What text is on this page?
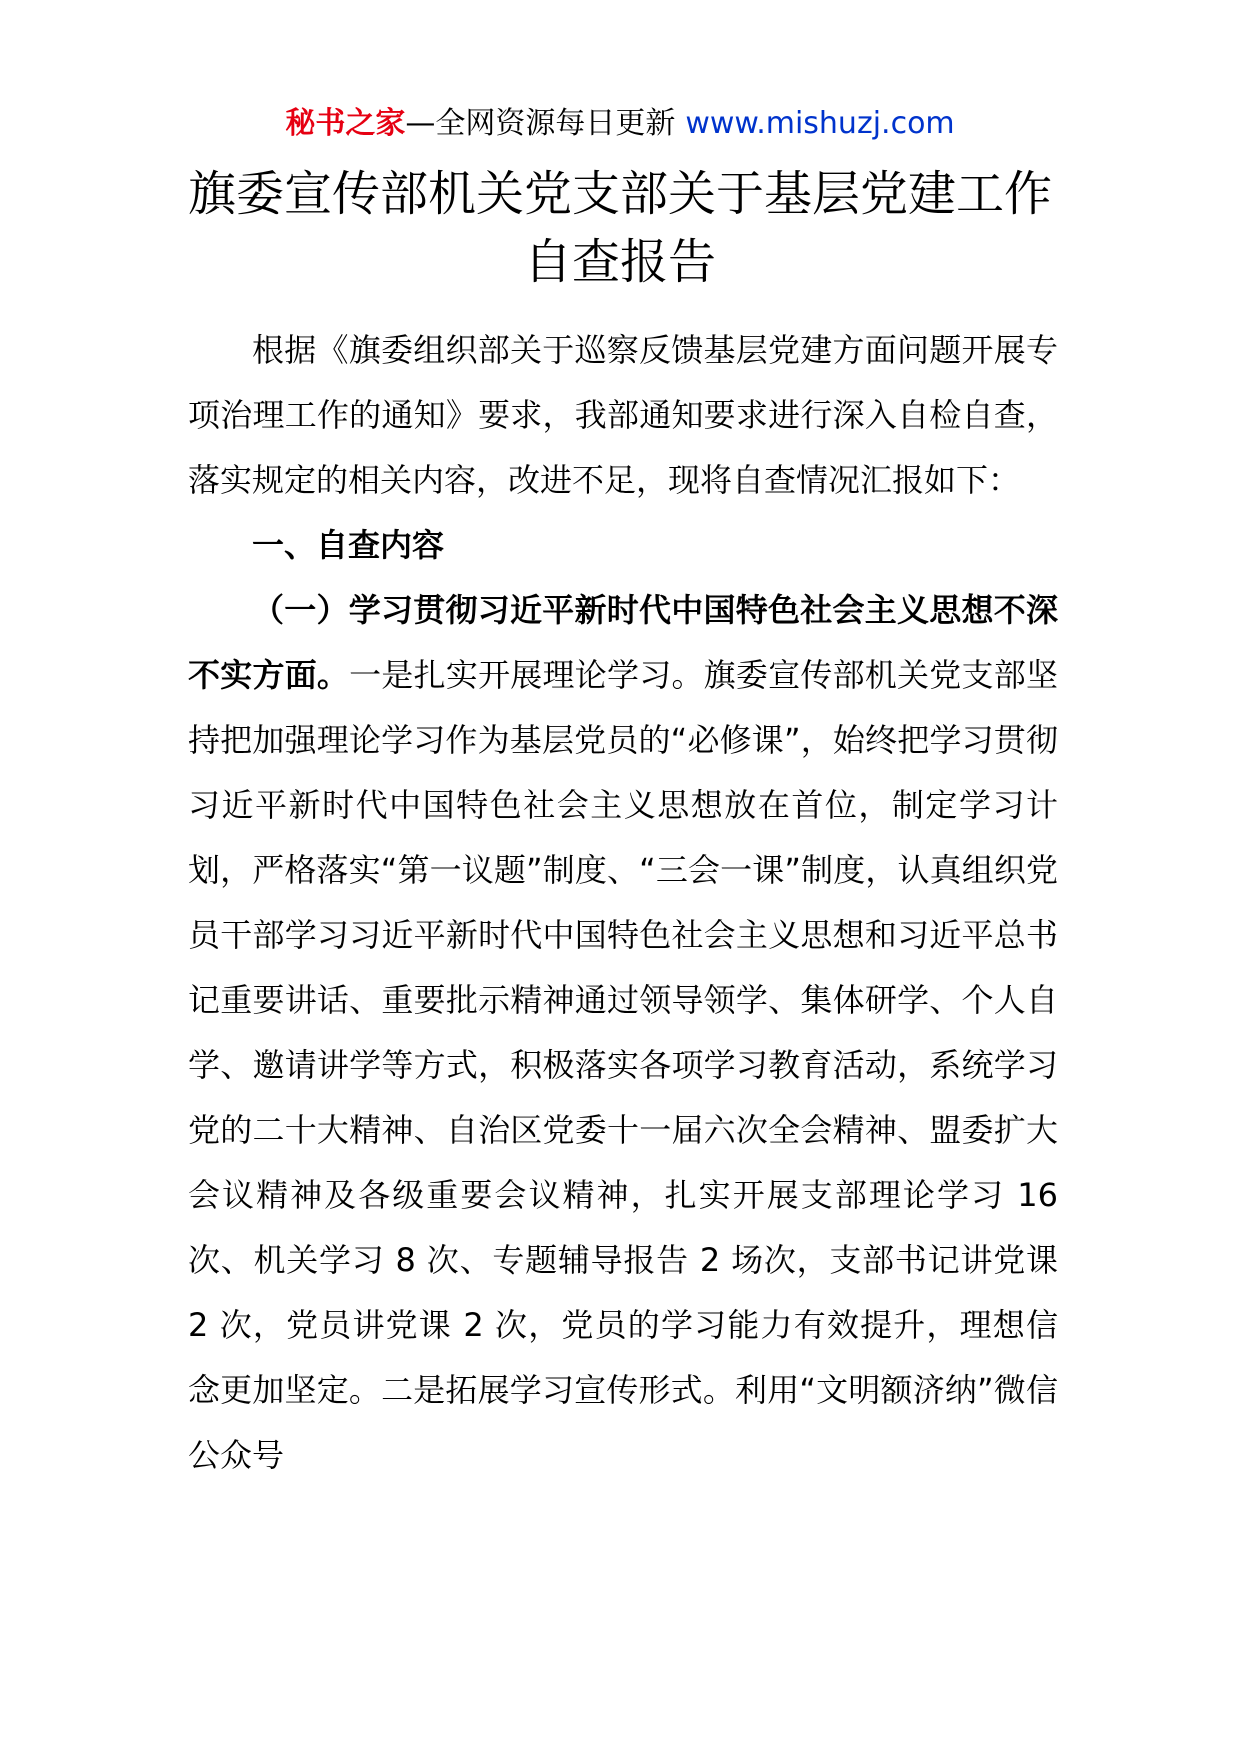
秘书之家—全网资源每日更新 www.mishuzj.com
旗委宣传部机关党支部关于基层党建工作
自查报告

根据《旗委组织部关于巡察反馈基层党建方面问题开展专项治理工作的通知》要求，我部通知要求进行深入自检自查，落实规定的相关内容，改进不足，现将自查情况汇报如下：

一、自查内容

（一）学习贯彻习近平新时代中国特色社会主义思想不深不实方面。一是扎实开展理论学习。旗委宣传部机关党支部坚持把加强理论学习作为基层党员的“必修课”，始终把学习贯彻习近平新时代中国特色社会主义思想放在首位，制定学习计划，严格落实“第一议题”制度、“三会一课”制度，认真组织党员干部学习习近平新时代中国特色社会主义思想和习近平总书记重要讲话、重要批示精神通过领导领学、集体研学、个人自学、邀请讲学等方式，积极落实各项学习教育活动，系统学习党的二十大精神、自治区党委十一届六次全会精神、盟委扩大会议精神及各级重要会议精神，扎实开展支部理论学习 16 次、机关学习 8 次、专题辅导报告 2 场次，支部书记讲党课 2 次，党员讲党课 2 次，党员的学习能力有效提升，理想信念更加坚定。二是拓展学习宣传形式。利用“文明额济纳”微信公众号
